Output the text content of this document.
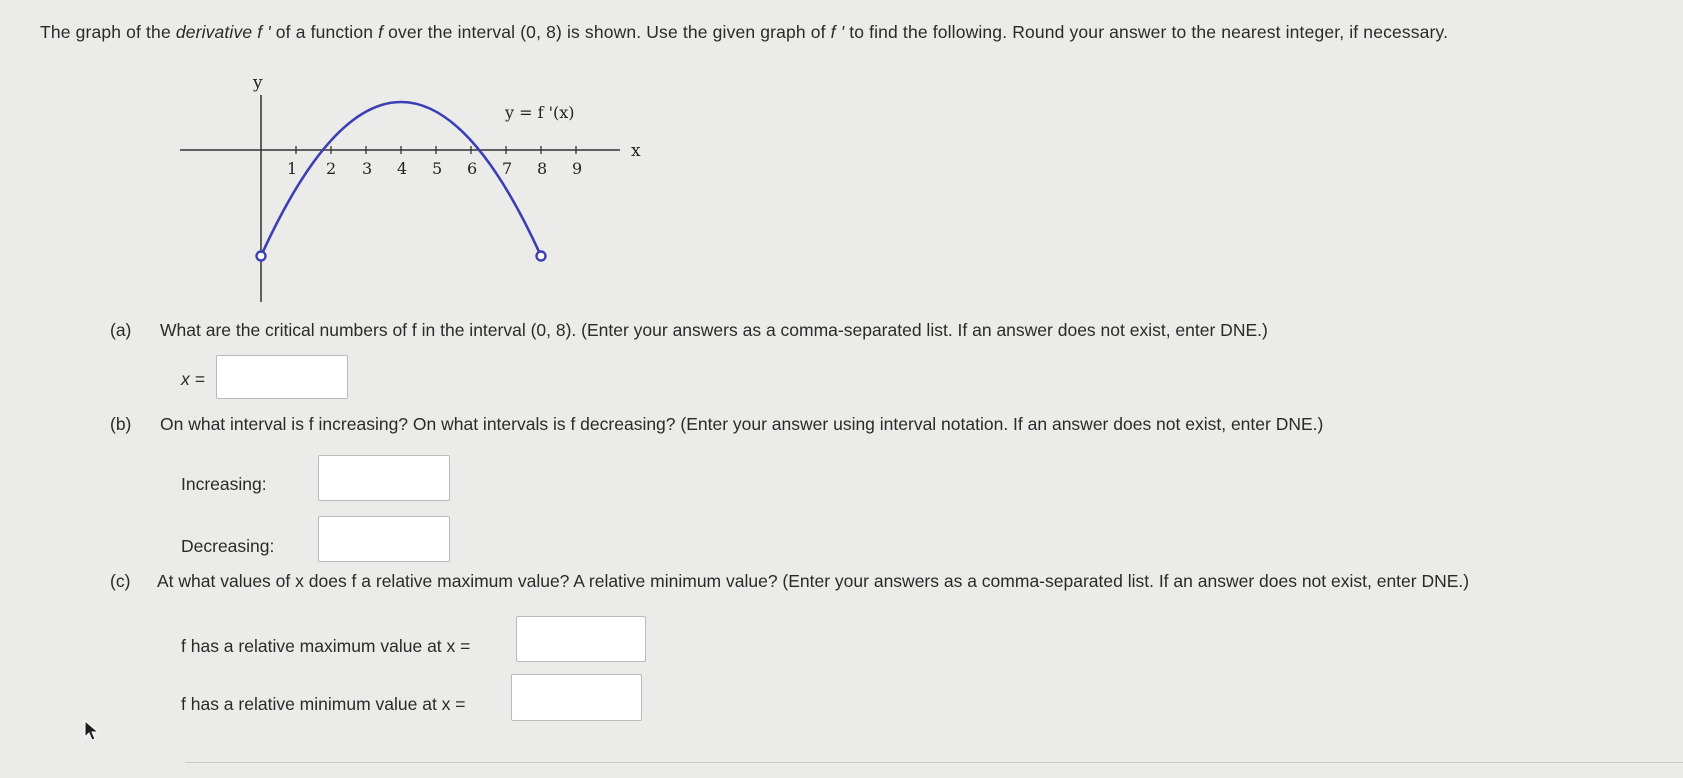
The graph of the derivative f ' of a function f over the interval (0, 8) is shown. Use the given graph of f ' to find the following. Round your answer to the nearest integer, if necessary.
1 2 3 4 5 6 7 8 9
x
y
y = f '(x)
(a) What are the critical numbers of f in the interval (0, 8). (Enter your answers as a comma-separated list. If an answer does not exist, enter DNE.)
x =
(b) On what interval is f increasing? On what intervals is f decreasing? (Enter your answer using interval notation. If an answer does not exist, enter DNE.)
Increasing:
Decreasing:
(c) At what values of x does f a relative maximum value? A relative minimum value? (Enter your answers as a comma-separated list. If an answer does not exist, enter DNE.)
f has a relative maximum value at x =
f has a relative minimum value at x =
